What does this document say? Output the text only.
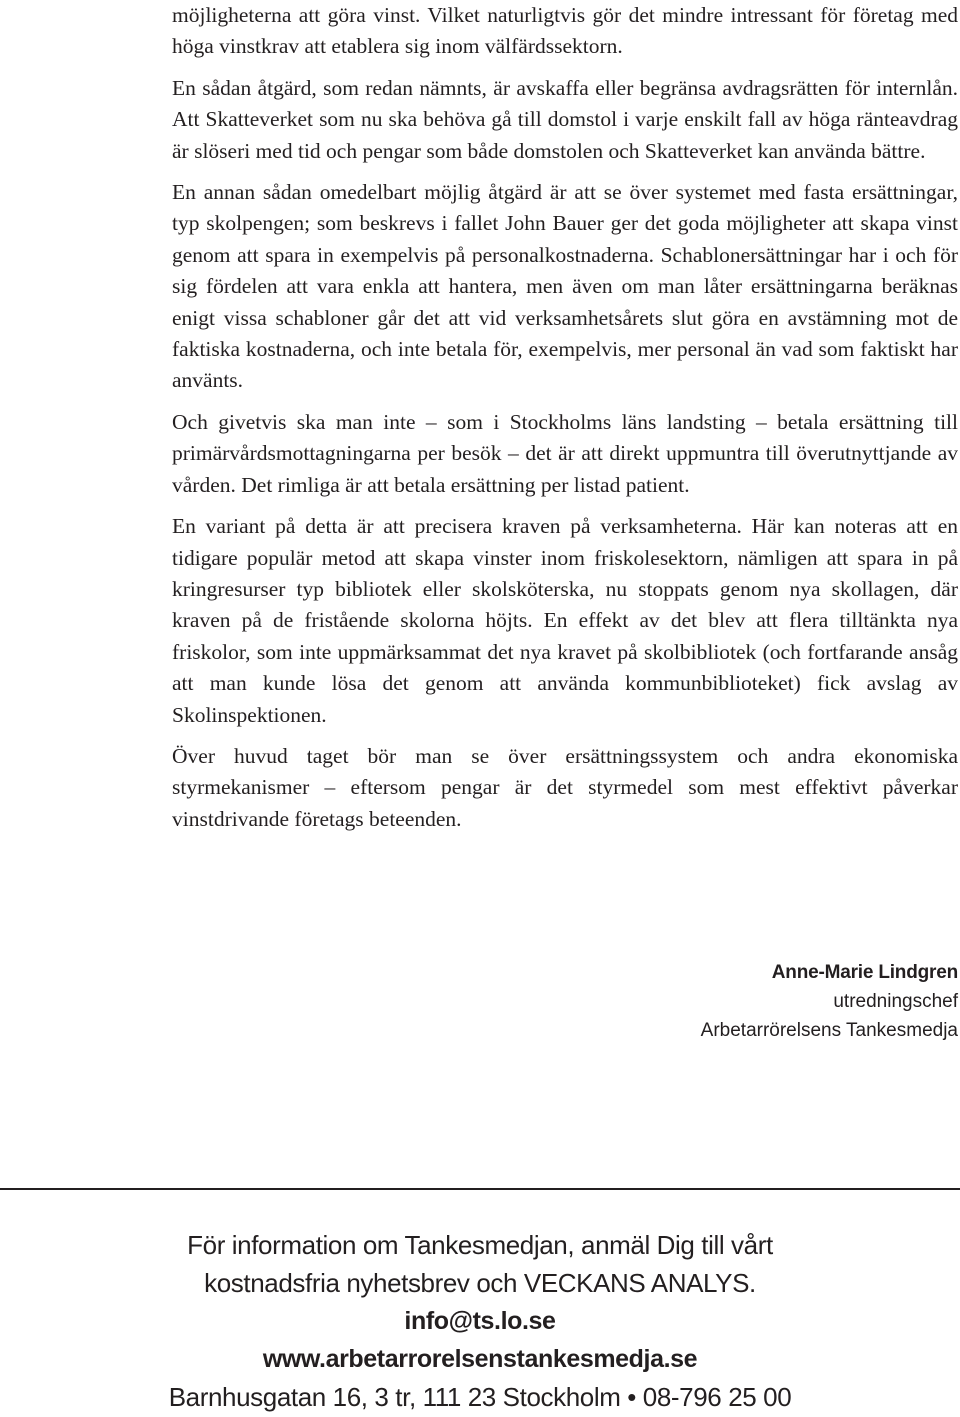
möjligheterna att göra vinst. Vilket naturligtvis gör det mindre intressant för företag med höga vinstkrav att etablera sig inom välfärdssektorn.

En sådan åtgärd, som redan nämnts, är avskaffa eller begränsa avdragsrätten för internlån. Att Skatteverket som nu ska behöva gå till domstol i varje enskilt fall av höga ränteavdrag är slöseri med tid och pengar som både domstolen och Skatteverket kan använda bättre.

En annan sådan omedelbart möjlig åtgärd är att se över systemet med fasta ersättningar, typ skolpengen; som beskrevs i fallet John Bauer ger det goda möjligheter att skapa vinst genom att spara in exempelvis på personalkostnaderna. Schablonersättningar har i och för sig fördelen att vara enkla att hantera, men även om man låter ersättningarna beräknas enigt vissa schabloner går det att vid verksamhetsårets slut göra en avstämning mot de faktiska kostnaderna, och inte betala för, exempelvis, mer personal än vad som faktiskt har använts.

Och givetvis ska man inte – som i Stockholms läns landsting – betala ersättning till primärvårdsmottagningarna per besök – det är att direkt uppmuntra till överutnyttjande av vården. Det rimliga är att betala ersättning per listad patient.

En variant på detta är att precisera kraven på verksamheterna. Här kan noteras att en tidigare populär metod att skapa vinster inom friskolesektorn, nämligen att spara in på kringresurser typ bibliotek eller skolsköterska, nu stoppats genom nya skollagen, där kraven på de fristående skolorna höjts. En effekt av det blev att flera tilltänkta nya friskolor, som inte uppmärksammat det nya kravet på skolbibliotek (och fortfarande ansåg att man kunde lösa det genom att använda kommunbiblioteket) fick avslag av Skolinspektionen.

Över huvud taget bör man se över ersättningssystem och andra ekonomiska styrmekanismer – eftersom pengar är det styrmedel som mest effektivt påverkar vinstdrivande företags beteenden.

Anne-Marie Lindgren
utredningschef
Arbetarrörelsens Tankesmedja
För information om Tankesmedjan, anmäl Dig till vårt
kostnadsfria nyhetsbrev och VECKANS ANALYS.
info@ts.lo.se
www.arbetarrorelsenstankesmedja.se
Barnhusgatan 16, 3 tr, 111 23 Stockholm • 08-796 25 00
